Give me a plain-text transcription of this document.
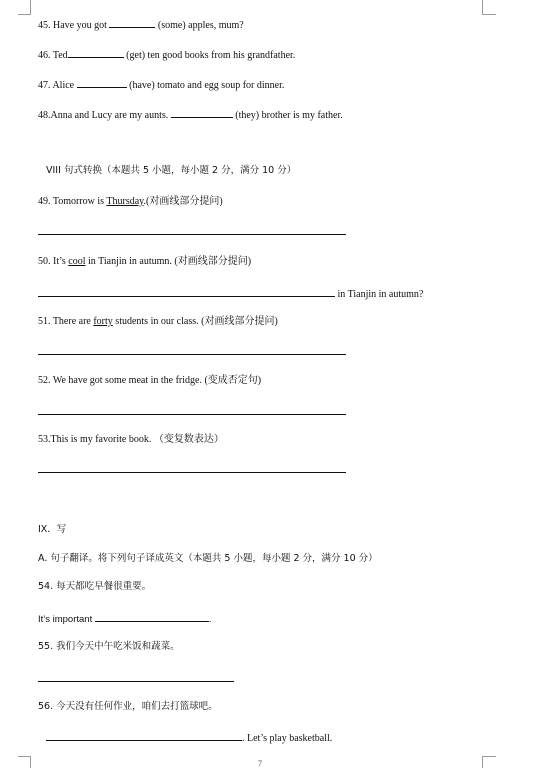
45. Have you got	(some) apples, mum?
46. Ted	(get) ten good books from his grandfather.
47. Alice	(have) tomato and egg soup for dinner.
48.Anna and Lucy are my aunts.	(they) brother is my father.
VIII 句式转换（本题共 5 小题，每小题 2 分，满分 10 分）
49. Tomorrow is Thursday.(对画线部分提问)
50. It’s cool in Tianjin in autumn. (对画线部分提问)
in Tianjin in autumn?
51. There are forty students in our class. (对画线部分提问)
52. We have got some meat in the fridge. (变成否定句)
53.This is my favorite book. （变复数表达）
IX．写
A. 句子翻译。将下列句子译成英文（本题共 5 小题，每小题 2 分，满分 10 分）
54. 每天都吃早餐很重要。
It’s important	.
55. 我们今天中午吃米饭和蔬菜。
56. 今天没有任何作业，咱们去打篮球吧。
. Let’s play basketball.
7
